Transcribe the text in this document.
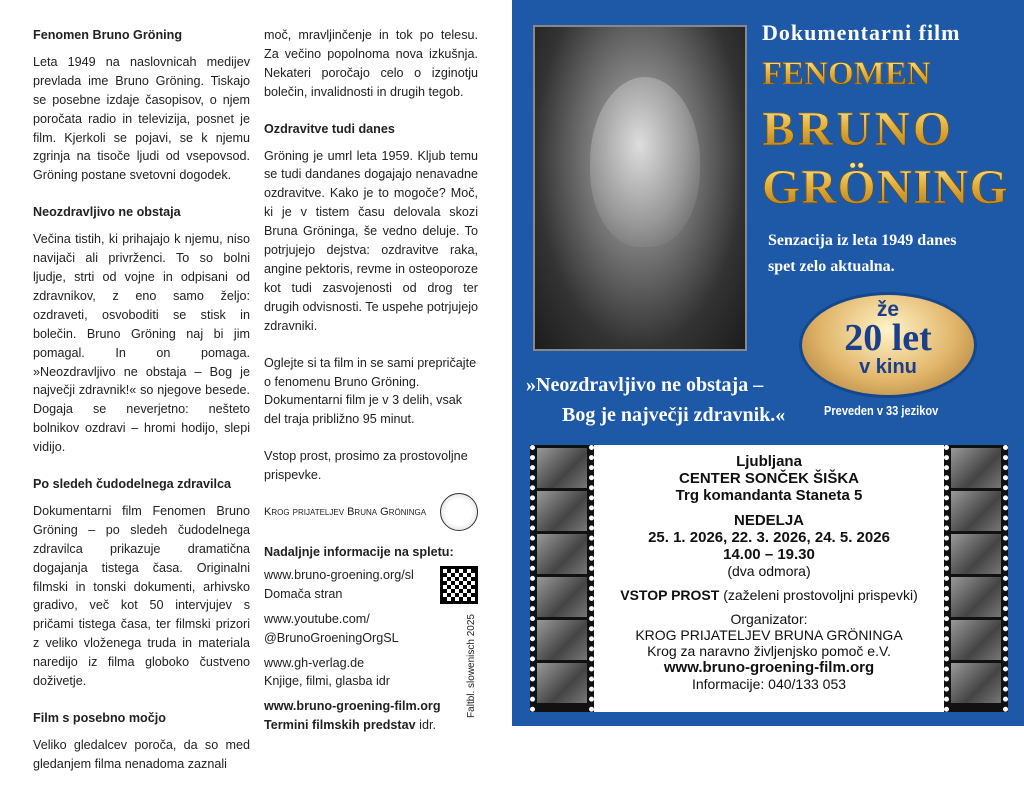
Fenomen Bruno Gröning

Leta 1949 na naslovnicah medijev prevlada ime Bruno Gröning. Tiskajo se posebne izdaje časopisov, o njem poročata radio in televizija, posnet je film. Kjerkoli se pojavi, se k njemu zgrinja na tisoče ljudi od vsepovsod. Gröning postane svetovni dogodek.

Neozdravljivo ne obstaja

Večina tistih, ki prihajajo k njemu, niso navijači ali privrženci. To so bolni ljudje, strti od vojne in odpisani od zdravnikov, z eno samo željo: ozdraveti, osvoboditi se stisk in bolečin. Bruno Gröning naj bi jim pomagal. In on pomaga. »Neozdravljivo ne obstaja – Bog je največji zdravnik!« so njegove besede. Dogaja se neverjetno: nešteto bolnikov ozdravi – hromi hodijo, slepi vidijo.

Po sledeh čudodelnega zdravilca

Dokumentarni film Fenomen Bruno Gröning – po sledeh čudodelnega zdravilca prikazuje dramatična dogajanja tistega časa. Originalni filmski in tonski dokumenti, arhivsko gradivo, več kot 50 intervjujev s pričami tistega časa, ter filmski prizori z veliko vloženega truda in materiala naredijo iz filma globoko čustveno doživetje.

Film s posebno močjo

Veliko gledalcev poroča, da so med gledanjem filma nenadoma zaznali

moč, mravljinčenje in tok po telesu. Za večino popolnoma nova izkušnja. Nekateri poročajo celo o izginotju bolečin, invalidnosti in drugih tegob.

Ozdravitve tudi danes

Gröning je umrl leta 1959. Kljub temu se tudi dandanes dogajajo nenavadne ozdravitve. Kako je to mogoče? Moč, ki je v tistem času delovala skozi Bruna Gröninga, še vedno deluje. To potrjujejo dejstva: ozdravitve raka, angine pektoris, revme in osteoporoze kot tudi zasvojenosti od drog ter drugih odvisnosti. Te uspehe potrjujejo zdravniki.

Oglejte si ta film in se sami prepričajte o fenomenu Bruno Gröning. Dokumentarni film je v 3 delih, vsak del traja približno 95 minut.

Vstop prost, prosimo za prostovoljne prispevke.

Krog prijateljev Bruna Gröninga
Nadaljnje informacije na spletu:
Faltbl. slowenisch 2025
www.bruno-groening.org/sl
Domača stran
www.youtube.com/
@BrunoGroeningOrgSL
www.gh-verlag.de
Knjige, filmi, glasba idr
www.bruno-groening-film.org
Termini filmskih predstav idr.
Dokumentarni film
FENOMEN
BRUNO
GRÖNING
Senzacija iz leta 1949 danes
spet zelo aktualna.
že
20 let
v kinu
Preveden v 33 jezikov
»Neozdravljivo ne obstaja –
Bog je največji zdravnik.«
Ljubljana
CENTER SONČEK ŠIŠKA
Trg komandanta Staneta 5
NEDELJA
25. 1. 2026, 22. 3. 2026, 24. 5. 2026
14.00 – 19.30
(dva odmora)
VSTOP PROST (zaželeni prostovoljni prispevki)
Organizator:
KROG PRIJATELJEV BRUNA GRÖNINGA
Krog za naravno življenjsko pomoč e.V.
www.bruno-groening-film.org
Informacije: 040/133 053
